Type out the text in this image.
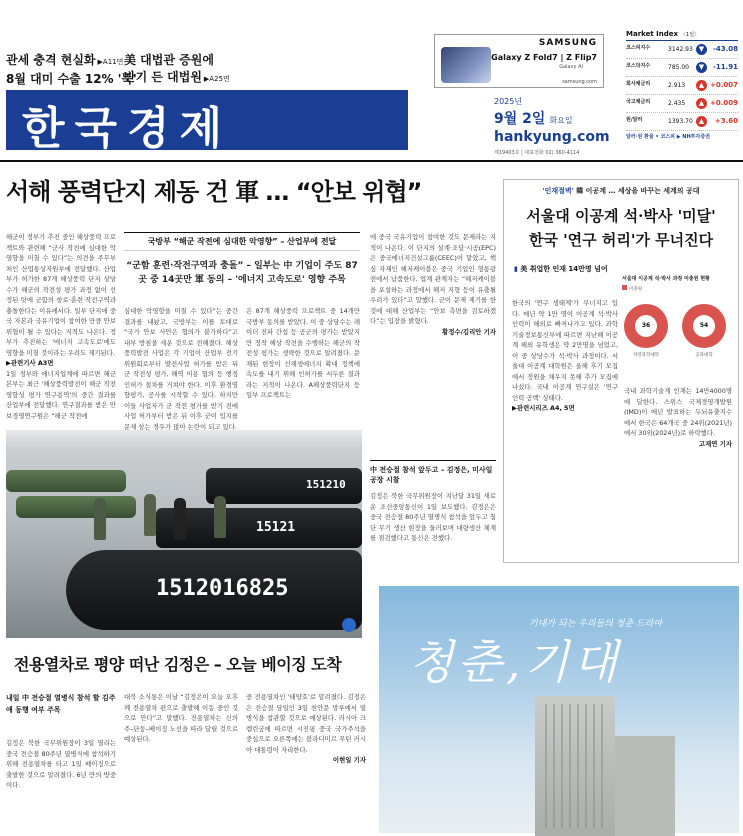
관세 충격 현실화 ▶A11면
8월 대미 수출 12% '뚝'
美 대법관 증원에
반기 든 대법원 ▶A25면
SAMSUNG
Galaxy Z Fold7 | Z Flip7
Galaxy AI
samsung.com
Market Index 〈1일〉
코스피지수	3142.93 ▼	-43.08
코스닥지수	785.00	▼	-11.91
회사채금리	2.913	▲ +0.007
국고채금리	2.435	▲ +0.009
원/달러	1393.70 ▲	+3.60
달러·원 환율 • 코스피 ▶ NH투자증권
한국경제
2025년
9월 2일 화요일
hankyung.com
제19403호 | 대표전화 02) 360-4114
서해 풍력단지 제동 건 軍 … “안보 위협”
해군이 정부가 추진 중인 해상풍력 프로젝트와 관련해 “군사 작전에 심대한 악영향을 미칠 수 있다”는 의견을 주무부처인 산업통상자원부에 전달했다. 산업부가 허가한 87개 해상풍력 단지 상당수가 해군의 작전성 평가 과정 없이 선정된 탓에 군함의 항로·훈련·작전구역과 충돌한다는 이유에서다. 일부 단지에 중국 자본과 국유기업이 참여한 만큼 안보 위협이 될 수 있다는 지적도 나온다. 정부가 추진하는 '에너지 고속도로'에도 영향을 미칠 것이라는 우려도 제기된다.
▶관련기사 A3면
1일 정부와 에너지업계에 따르면 해군본부는 최근 '해상풍력발전이 해군 작전 영향성 평가 연구용역'의 중간 결과를 산업부에 전달했다. 연구결과를 받은 안보경영연구원은 “해군 작전에
국방부 “해군 작전에 심대한 악영향” – 산업부에 전달
“군함 훈련·작전구역과 충돌” – 일부는 中 기업이 주도 87곳 중 14곳만 軍 동의 – '에너지 고속도로' 영향 주목
심대한 악영향을 미칠 수 있다”는 중간 결과를 내놨고, 국방부는 이를 토대로 “국가 안보 사안은 협의가 불가하다”고 내부 방침을 세운 것으로 전해졌다. 해상풍력발전 사업은 각 기업이 산업부 전기위원회로부터 발전사업 허가를 받은 뒤 군 작전성 평가, 해역 이용 협의 등 행정 인허가 절차를 거쳐야 한다. 이후 환경영향평가, 공사를 시작할 수 있다. 하지만 이들 사업자가 군 작전 평가를 받기 전에 사업 허가부터 받은 뒤 이후 군이 입지를 문제 삼는 경우가 많아 논란이 되고 있다.
은 87개 해상풍력 프로젝트 중 14개만 국방부 동의를 받았다. 이 중 상당수는 레이더 전파 간섭 등 공군의 평가는 받았지만 정작 해상 작전을 수행하는 해군의 작전성 평가는 생략한 것으로 알려졌다. 문제된 현장이 신재생에너지 확대 정책에 속도를 내기 위해 인허가를 서두른 결과라는 지적이 나온다. A해상풍력단지 등 일부 프로젝트는
에 중국 국유기업이 참여한 것도 문제라는 지적이 나온다. 이 단지의 설계·조달·시공(EPC)은 중국에너지건설그룹(CEEC)이 맡았고, 핵심 자재인 해저케이블은 중국 기업인 형통광전에서 납품한다. 업계 관계자는 “해저케이블을 포설하는 과정에서 해저 지형 등이 유출될 우려가 있다”고 말했다. 군이 문제 제기를 한 것에 대해 산업부는 “안보 측면을 검토하겠다”는 입장을 밝혔다.

황정수/김리안 기자
151210
15121
1512016825
中 전승절 참석 앞두고 – 김정은, 미사일 공장 시찰
김정은 북한 국무위원장이 지난달 31일 새로운 조선중앙통신이 1일 보도했다. 김정은은 중국 전승절 80주년 열병식 참석을 앞두고 첨단 무기 생산 현장을 둘러보며 대량생산 체계를 점검했다고 통신은 전했다.
전용열차로 평양 떠난 김정은 – 오늘 베이징 도착
내일 中 전승절 열병식 참석 할 김주애 동행 여부 주목
김정은 북한 국무위원장이 3일 열리는 중국 전승절 80주년 열병식에 참석하기 위해 전용열차를 타고 1일 베이징으로 출발한 것으로 알려졌다. 6년 만의 방중이다.
대북 소식통은 이날 “김정은이 오늘 오후께 전용열차 편으로 출발해 이동 중인 것으로 안다”고 말했다. 전용열차는 신의주–단둥–베이징 노선을 따라 달릴 것으로 예상된다.
중 전용열차인 '태양호'로 알려졌다. 김정은은 전승절 당일인 3일 천안문 망루에서 열병식을 참관할 것으로 예상된다. 러시아 크렘린궁에 따르면 시진핑 중국 국가주석을 중심으로 오른쪽에는 블라디미르 푸틴 러시아 대통령이 자리한다.

이현일 기자
'인재절벽' 韓 이공계 … 세상을 바꾸는 세계의 공대
서울대 이공계 석·박사 '미달' 한국 '연구 허리'가 무너진다
▮ 美 취업한 인재 14만명 넘어
한국의 '연구 생태계'가 무너지고 있다. 매년 약 1만 명이 이공계 석·박사 인력이 해외로 빠져나가고 있다. 과학기술정보통신부에 따르면 지난해 이공계 해외 유학생은 약 2만명을 넘었고, 이 중 상당수가 석·박사 과정이다. 서울대 이공계 대학원은 올해 후기 모집에서 정원을 채우지 못해 추가 모집에 나섰다. 국내 이공계 연구실은 '연구 인력 공백' 상태다.
▶관련시리즈 A4, 5면
서울대 이공계 석·박사 과정 미충원 현황
미충원
36
자연과학대학
54
공과대학
국내 과학기술계 인재는 14만4000명에 달한다. 스위스 국제경영개발원(IMD)이 매년 발표하는 두뇌유출지수에서 한국은 64개국 중 24위(2021년)에서 30위(2024년)로 하락했다.

고재연 기자
기대가 되는 우리들의 청춘 드라마
청춘,기대
